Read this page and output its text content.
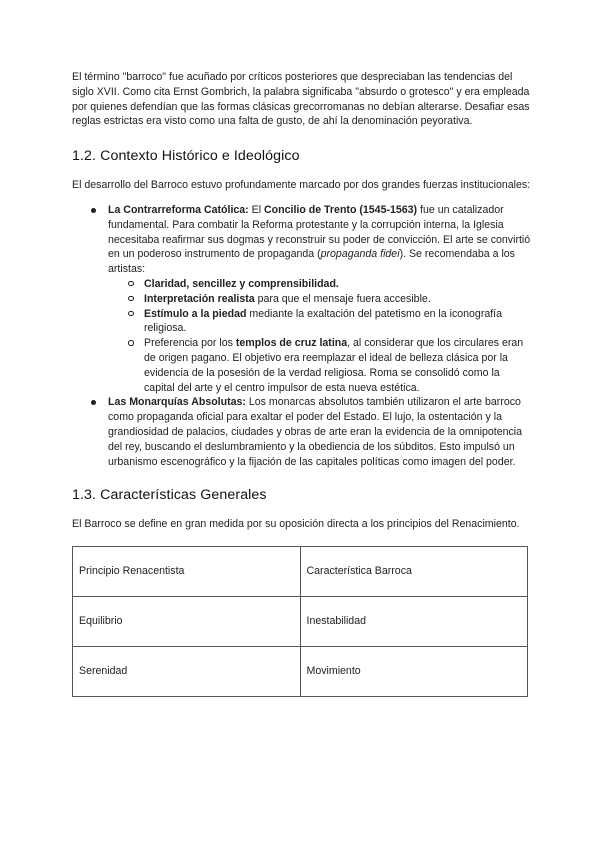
El término "barroco" fue acuñado por críticos posteriores que despreciaban las tendencias del siglo XVII. Como cita Ernst Gombrich, la palabra significaba "absurdo o grotesco" y era empleada por quienes defendían que las formas clásicas grecorromanas no debían alterarse. Desafiar esas reglas estrictas era visto como una falta de gusto, de ahí la denominación peyorativa.

1.2. Contexto Histórico e Ideológico

El desarrollo del Barroco estuvo profundamente marcado por dos grandes fuerzas institucionales:

La Contrarreforma Católica: El Concilio de Trento (1545-1563) fue un catalizador fundamental. Para combatir la Reforma protestante y la corrupción interna, la Iglesia necesitaba reafirmar sus dogmas y reconstruir su poder de convicción. El arte se convirtió en un poderoso instrumento de propaganda (propaganda fidei). Se recomendaba a los artistas:
Claridad, sencillez y comprensibilidad.
Interpretación realista para que el mensaje fuera accesible.
Estímulo a la piedad mediante la exaltación del patetismo en la iconografía religiosa.
Preferencia por los templos de cruz latina, al considerar que los circulares eran de origen pagano. El objetivo era reemplazar el ideal de belleza clásica por la evidencia de la posesión de la verdad religiosa. Roma se consolidó como la capital del arte y el centro impulsor de esta nueva estética.
Las Monarquías Absolutas: Los monarcas absolutos también utilizaron el arte barroco como propaganda oficial para exaltar el poder del Estado. El lujo, la ostentación y la grandiosidad de palacios, ciudades y obras de arte eran la evidencia de la omnipotencia del rey, buscando el deslumbramiento y la obediencia de los súbditos. Esto impulsó un urbanismo escenográfico y la fijación de las capitales políticas como imagen del poder.
1.3. Características Generales

El Barroco se define en gran medida por su oposición directa a los principios del Renacimiento.

Principio Renacentista	Característica Barroca
Equilibrio	Inestabilidad
Serenidad	Movimiento
